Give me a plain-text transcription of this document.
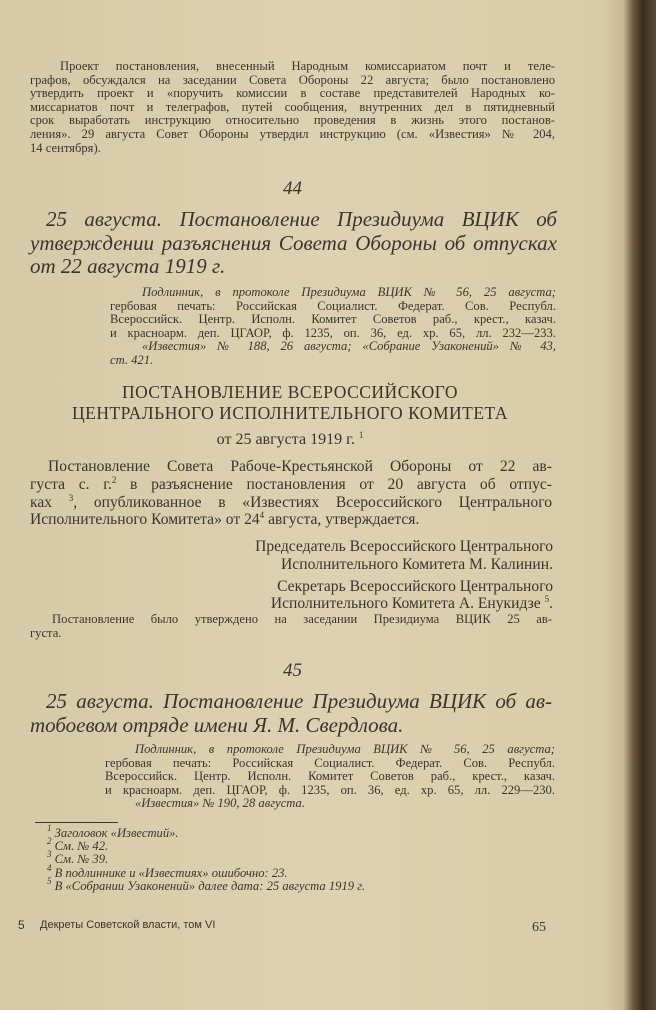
Проект постановления, внесенный Народным комиссариатом почт и теле-
графов, обсуждался на заседании Совета Обороны 22 августа; было постановлено
утвердить проект и «поручить комиссии в составе представителей Народных ко-
миссариатов почт и телеграфов, путей сообщения, внутренних дел в пятидневный
срок выработать инструкцию относительно проведения в жизнь этого постанов-
ления». 29 августа Совет Обороны утвердил инструкцию (см. «Известия» № 204,
14 сентября).
44
25 августа. Постановление Президиума ВЦИК об
утверждении разъяснения Совета Обороны об отпусках
от 22 августа 1919 г.
Подлинник, в протоколе Президиума ВЦИК № 56, 25 августа;
гербовая печать: Российская Социалист. Федерат. Сов. Республ.
Всероссийск. Центр. Исполн. Комитет Советов раб., крест., казач.
и красноарм. деп. ЦГАОР, ф. 1235, оп. 36, ед. хр. 65, лл. 232—233.
«Известия» № 188, 26 августа; «Собрание Узаконений» № 43,
ст. 421.
ПОСТАНОВЛЕНИЕ ВСЕРОССИЙСКОГО
ЦЕНТРАЛЬНОГО ИСПОЛНИТЕЛЬНОГО КОМИТЕТА
от 25 августа 1919 г. $^1$
Постановление Совета Рабоче-Крестьянской Обороны от 22 ав-
густа с. г.$^2$ в разъяснение постановления от 20 августа об отпус-
ках $^3$, опубликованное в «Известиях Всероссийского Центрального
Исполнительного Комитета» от $24^4$ августа, утверждается.
Председатель Всероссийского Центрального
Исполнительного Комитета М. Калинин.
Секретарь Всероссийского Центрального
Исполнительного Комитета А. Енукидзе $^5$.
Постановление было утверждено на заседании Президиума ВЦИК 25 ав-
густа.
45
25 августа. Постановление Президиума ВЦИК об ав-
тобоевом отряде имени Я. М. Свердлова.
Подлинник, в протоколе Президиума ВЦИК № 56, 25 августа;
гербовая печать: Российская Социалист. Федерат. Сов. Республ.
Всероссийск. Центр. Исполн. Комитет Советов раб., крест., казач.
и красноарм. деп. ЦГАОР, ф. 1235, оп. 36, ед. хр. 65, лл. 229—230.
«Известия» № 190, 28 августа.
$^1$ Заголовок «Известий».
$^2$ См. № 42.
$^3$ См. № 39.
$^4$ В подлиннике и «Известиях» ошибочно: 23.
$^5$ В «Собрании Узаконений» далее дата: 25 августа 1919 г.
5 Декреты Советской власти, том VI	65
